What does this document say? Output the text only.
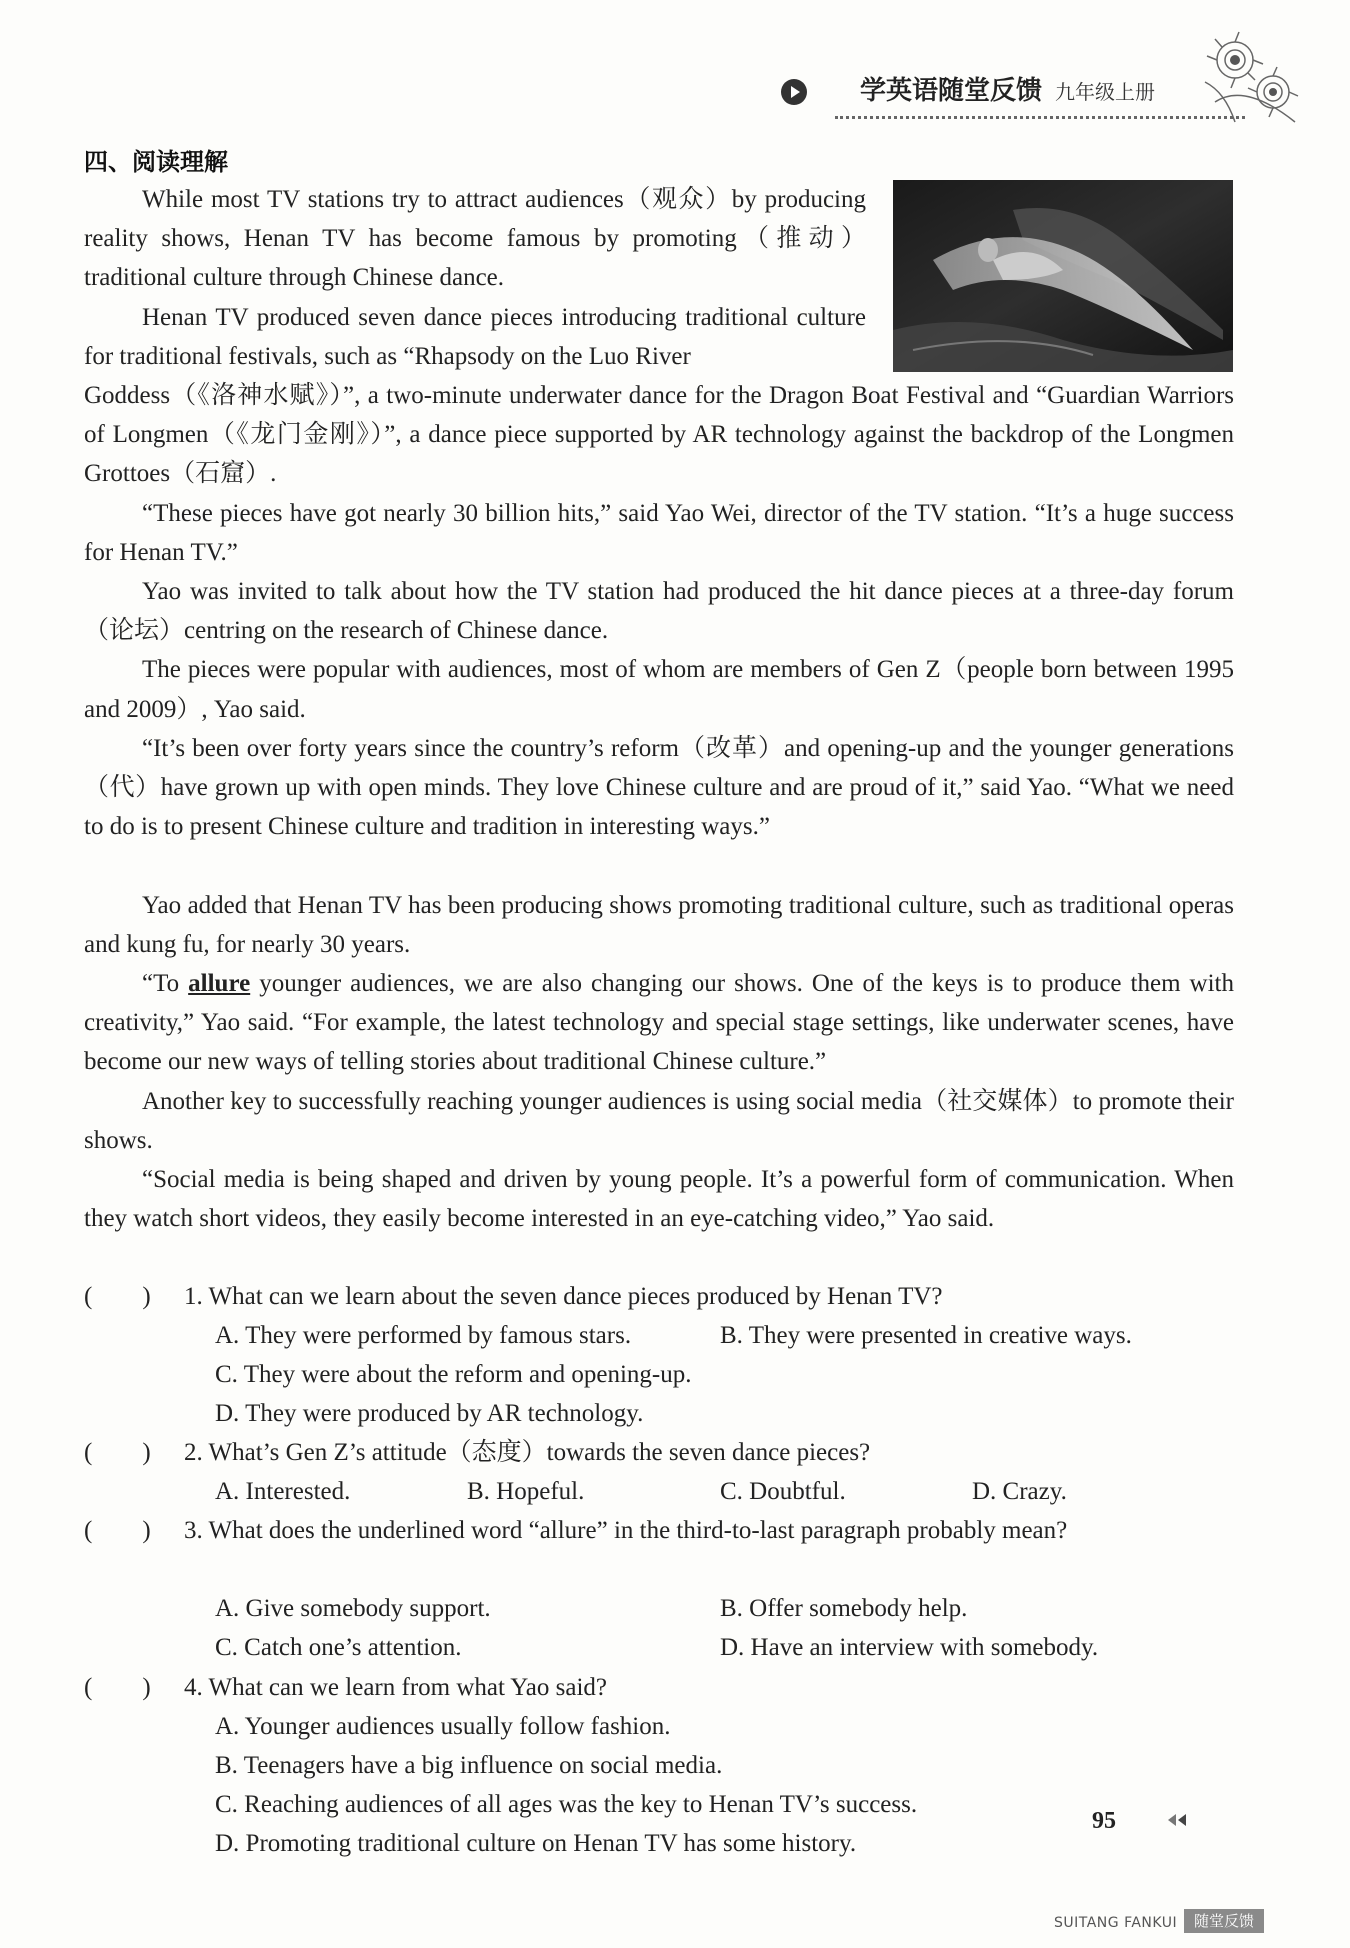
学英语随堂反馈 九年级上册
四、阅读理解

While most TV stations try to attract audiences（观众）by producing reality shows, Henan TV has become famous by promoting（推动）traditional culture through Chinese dance.

Henan TV produced seven dance pieces introducing traditional culture for traditional festivals, such as “Rhapsody on the Luo River

Goddess（《洛神水赋》）”, a two-minute underwater dance for the Dragon Boat Festival and “Guardian Warriors of Longmen（《龙门金刚》）”, a dance piece supported by AR technology against the backdrop of the Longmen Grottoes（石窟）.

“These pieces have got nearly 30 billion hits,” said Yao Wei, director of the TV station. “It’s a huge success for Henan TV.”

Yao was invited to talk about how the TV station had produced the hit dance pieces at a three-day forum（论坛）centring on the research of Chinese dance.

The pieces were popular with audiences, most of whom are members of Gen Z（people born between 1995 and 2009）, Yao said.

“It’s been over forty years since the country’s reform（改革）and opening-up and the younger generations（代）have grown up with open minds. They love Chinese culture and are proud of it,” said Yao. “What we need to do is to present Chinese culture and tradition in interesting ways.”

Yao added that Henan TV has been producing shows promoting traditional culture, such as traditional operas and kung fu, for nearly 30 years.

“To allure younger audiences, we are also changing our shows. One of the keys is to produce them with creativity,” Yao said. “For example, the latest technology and special stage settings, like underwater scenes, have become our new ways of telling stories about traditional Chinese culture.”

Another key to successfully reaching younger audiences is using social media（社交媒体）to promote their shows.

“Social media is being shaped and driven by young people. It’s a powerful form of communication. When they watch short videos, they easily become interested in an eye-catching video,” Yao said.

(　　) 1. What can we learn about the seven dance pieces produced by Henan TV?
A. They were performed by famous stars.	B. They were presented in creative ways.
C. They were about the reform and opening-up.
D. They were produced by AR technology.
(　　) 2. What’s Gen Z’s attitude（态度）towards the seven dance pieces?
A. Interested.	B. Hopeful.	C. Doubtful.	D. Crazy.
(　　) 3. What does the underlined word “allure” in the third-to-last paragraph probably mean?
A. Give somebody support.	B. Offer somebody help.
C. Catch one’s attention.	D. Have an interview with somebody.
(　　) 4. What can we learn from what Yao said?
A. Younger audiences usually follow fashion.
B. Teenagers have a big influence on social media.
C. Reaching audiences of all ages was the key to Henan TV’s success.
D. Promoting traditional culture on Henan TV has some history.
95
SUITANG FANKUI	随堂反馈
